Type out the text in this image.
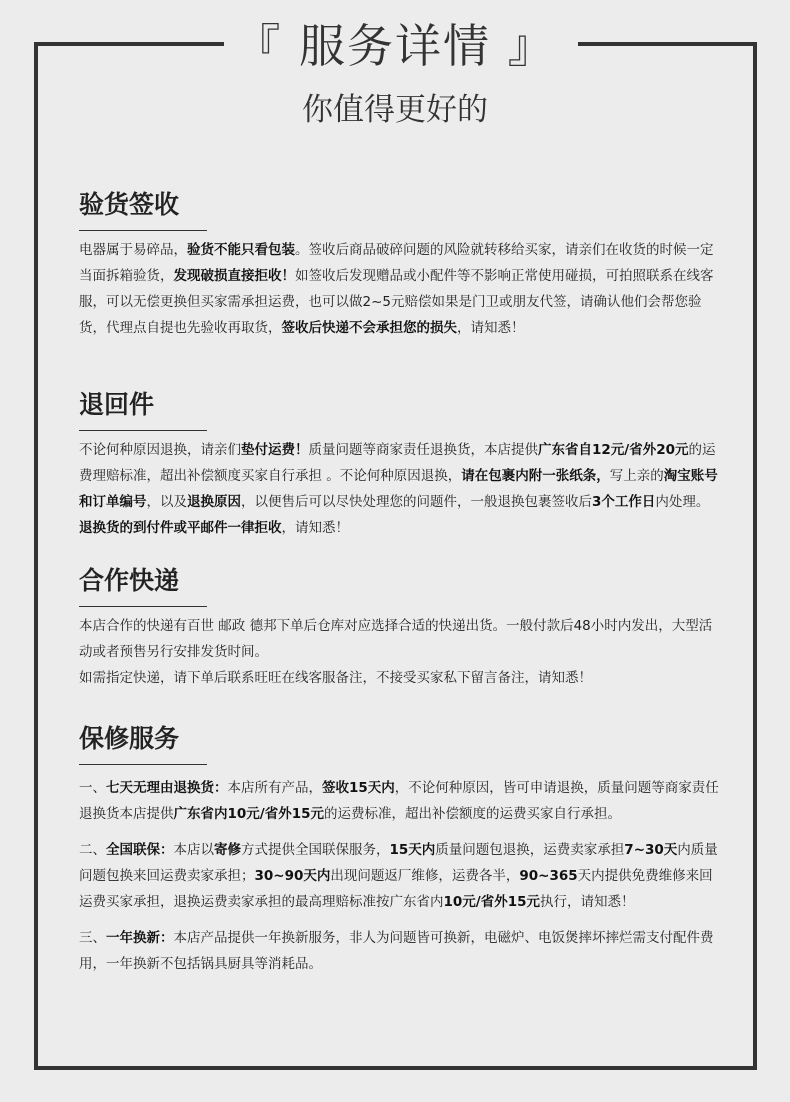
『 服务详情 』
你值得更好的
验货签收

电器属于易碎品，验货不能只看包装。签收后商品破碎问题的风险就转移给买家，请亲们在收货的时候一定当面拆箱验货，发现破损直接拒收！如签收后发现赠品或小配件等不影响正常使用碰损，可拍照联系在线客服，可以无偿更换但买家需承担运费，也可以做2~5元赔偿如果是门卫或朋友代签，请确认他们会帮您验货，代理点自提也先验收再取货，签收后快递不会承担您的损失，请知悉！

退回件

不论何种原因退换，请亲们垫付运费！质量问题等商家责任退换货，本店提供广东省自12元/省外20元的运费理赔标准，超出补偿额度买家自行承担 。不论何种原因退换，请在包裹内附一张纸条，写上亲的淘宝账号和订单编号，以及退换原因，以便售后可以尽快处理您的问题件，一般退换包裹签收后3个工作日内处理。退换货的到付件或平邮件一律拒收，请知悉！

合作快递

本店合作的快递有百世 邮政 德邦下单后仓库对应选择合适的快递出货。一般付款后48小时内发出，大型活动或者预售另行安排发货时间。

如需指定快递，请下单后联系旺旺在线客服备注，不接受买家私下留言备注，请知悉！

保修服务

一、七天无理由退换货：本店所有产品，签收15天内，不论何种原因，皆可申请退换，质量问题等商家责任退换货本店提供广东省内10元/省外15元的运费标准，超出补偿额度的运费买家自行承担。

二、全国联保：本店以寄修方式提供全国联保服务，15天内质量问题包退换，运费卖家承担7~30天内质量问题包换来回运费卖家承担；30~90天内出现问题返厂维修，运费各半，90~365天内提供免费维修来回运费买家承担，退换运费卖家承担的最高理赔标准按广东省内10元/省外15元执行，请知悉！

三、一年换新：本店产品提供一年换新服务，非人为问题皆可换新，电磁炉、电饭煲摔坏摔烂需支付配件费用，一年换新不包括锅具厨具等消耗品。
